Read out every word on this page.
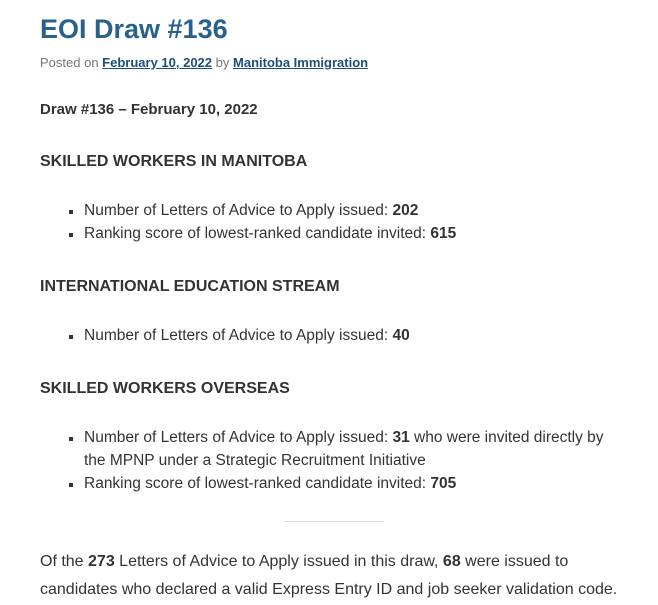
EOI Draw #136

Posted on February 10, 2022 by Manitoba Immigration

Draw #136 – February 10, 2022

SKILLED WORKERS IN MANITOBA
▪ Number of Letters of Advice to Apply issued: 202
▪ Ranking score of lowest-ranked candidate invited: 615
INTERNATIONAL EDUCATION STREAM
▪ Number of Letters of Advice to Apply issued: 40
SKILLED WORKERS OVERSEAS
▪ Number of Letters of Advice to Apply issued: 31 who were invited directly by the MPNP under a Strategic Recruitment Initiative
▪ Ranking score of lowest-ranked candidate invited: 705

Of the 273 Letters of Advice to Apply issued in this draw, 68 were issued to candidates who declared a valid Express Entry ID and job seeker validation code.
